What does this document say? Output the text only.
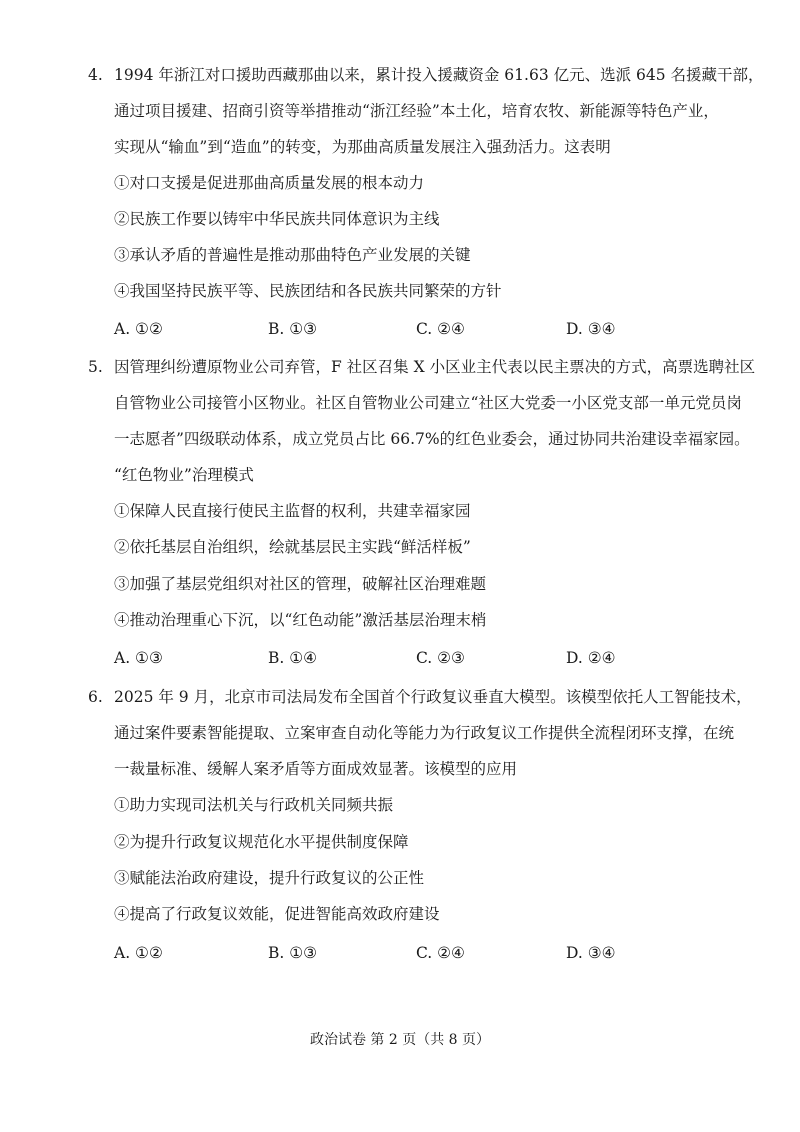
4. 1994 年浙江对口援助西藏那曲以来，累计投入援藏资金 61.63 亿元、选派 645 名援藏干部，
通过项目援建、招商引资等举措推动“浙江经验”本土化，培育农牧、新能源等特色产业，
实现从“输血”到“造血”的转变，为那曲高质量发展注入强劲活力。这表明
①对口支援是促进那曲高质量发展的根本动力
②民族工作要以铸牢中华民族共同体意识为主线
③承认矛盾的普遍性是推动那曲特色产业发展的关键
④我国坚持民族平等、民族团结和各民族共同繁荣的方针
A. ①②	B. ①③	C. ②④	D. ③④
5. 因管理纠纷遭原物业公司弃管，F 社区召集 X 小区业主代表以民主票决的方式，高票选聘社区
自管物业公司接管小区物业。社区自管物业公司建立“社区大党委一小区党支部一单元党员岗
一志愿者”四级联动体系，成立党员占比 66.7%的红色业委会，通过协同共治建设幸福家园。
“红色物业”治理模式
①保障人民直接行使民主监督的权利，共建幸福家园
②依托基层自治组织，绘就基层民主实践“鲜活样板”
③加强了基层党组织对社区的管理，破解社区治理难题
④推动治理重心下沉，以“红色动能”激活基层治理末梢
A. ①③	B. ①④	C. ②③	D. ②④
6. 2025 年 9 月，北京市司法局发布全国首个行政复议垂直大模型。该模型依托人工智能技术，
通过案件要素智能提取、立案审查自动化等能力为行政复议工作提供全流程闭环支撑，在统
一裁量标准、缓解人案矛盾等方面成效显著。该模型的应用
①助力实现司法机关与行政机关同频共振
②为提升行政复议规范化水平提供制度保障
③赋能法治政府建设，提升行政复议的公正性
④提高了行政复议效能，促进智能高效政府建设
A. ①②	B. ①③	C. ②④	D. ③④
政治试卷 第 2 页（共 8 页）
